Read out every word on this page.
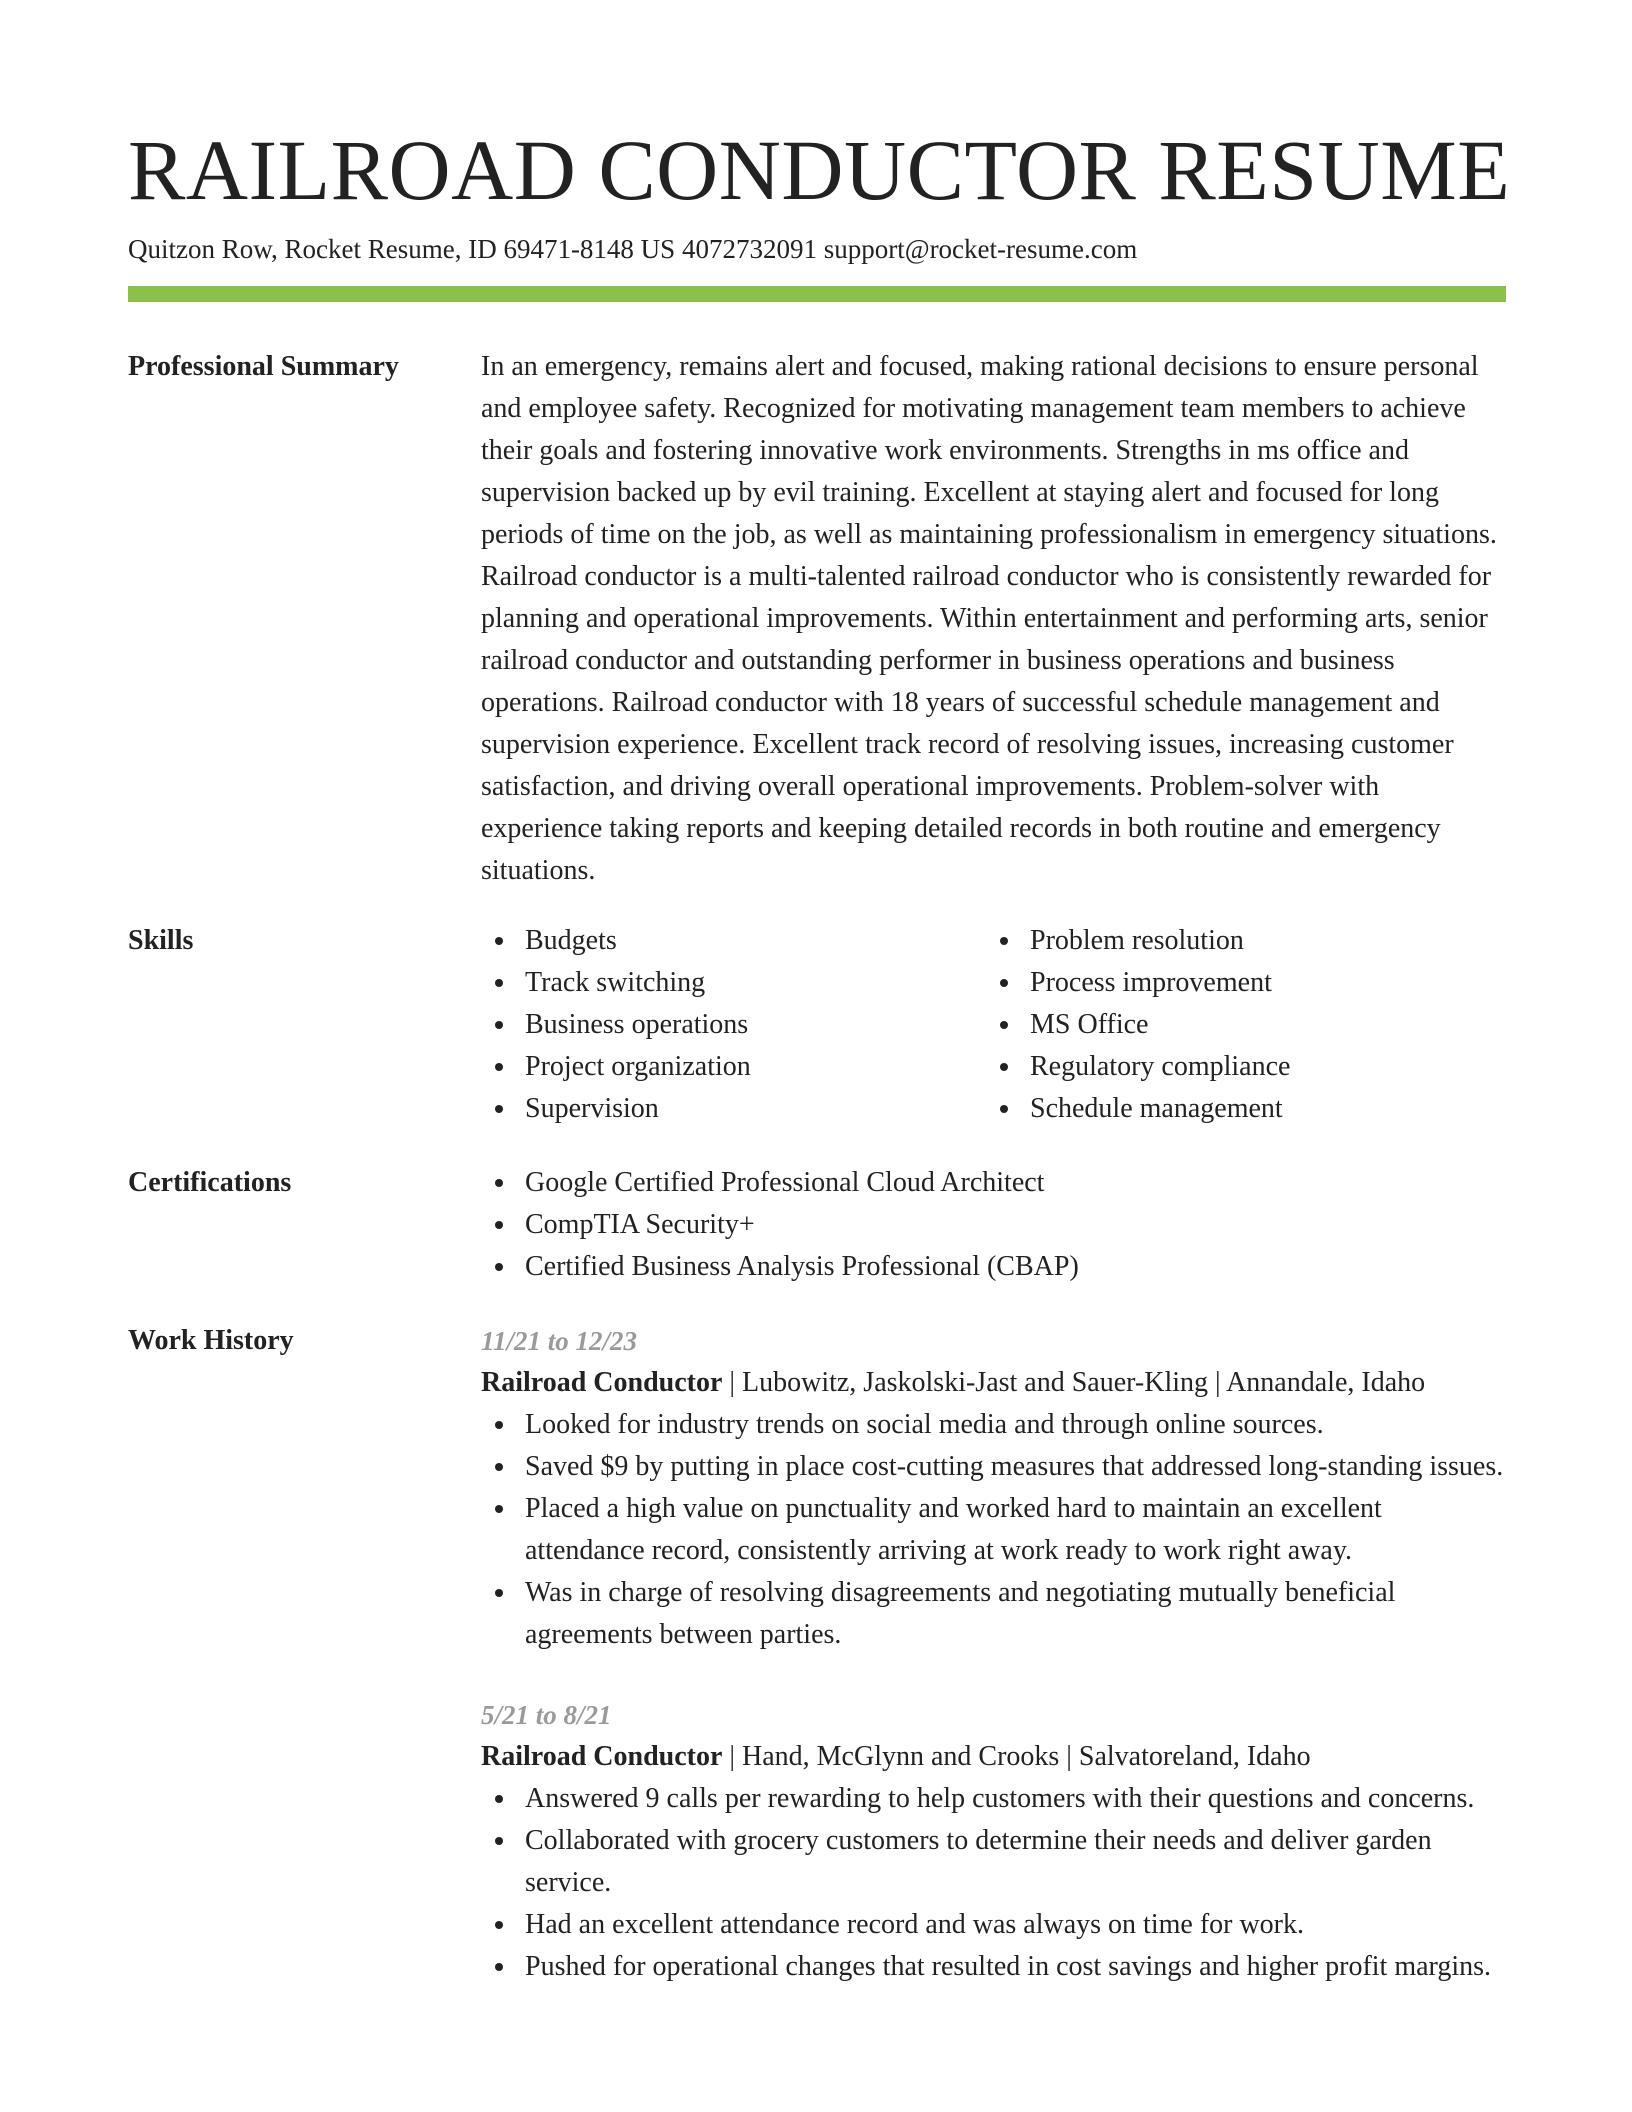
RAILROAD CONDUCTOR RESUME
Quitzon Row, Rocket Resume, ID 69471-8148 US 4072732091 support@rocket-resume.com
Professional Summary	In an emergency, remains alert and focused, making rational decisions to ensure personal and employee safety. Recognized for motivating management team members to achieve their goals and fostering innovative work environments. Strengths in ms office and supervision backed up by evil training. Excellent at staying alert and focused for long periods of time on the job, as well as maintaining professionalism in emergency situations. Railroad conductor is a multi-talented railroad conductor who is consistently rewarded for planning and operational improvements. Within entertainment and performing arts, senior railroad conductor and outstanding performer in business operations and business operations. Railroad conductor with 18 years of successful schedule management and supervision experience. Excellent track record of resolving issues, increasing customer satisfaction, and driving overall operational improvements. Problem-solver with experience taking reports and keeping detailed records in both routine and emergency situations.

Skills	Budgets
Track switching
Business operations
Project organization
Supervision
Problem resolution
Process improvement
MS Office
Regulatory compliance
Schedule management
Certifications	Google Certified Professional Cloud Architect
CompTIA Security+
Certified Business Analysis Professional (CBAP)
Work History	11/21 to 12/23
Railroad Conductor | Lubowitz, Jaskolski-Jast and Sauer-Kling | Annandale, Idaho
Looked for industry trends on social media and through online sources.
Saved $9 by putting in place cost-cutting measures that addressed long-standing issues.
Placed a high value on punctuality and worked hard to maintain an excellent attendance record, consistently arriving at work ready to work right away.
Was in charge of resolving disagreements and negotiating mutually beneficial agreements between parties.
5/21 to 8/21
Railroad Conductor | Hand, McGlynn and Crooks | Salvatoreland, Idaho
Answered 9 calls per rewarding to help customers with their questions and concerns.
Collaborated with grocery customers to determine their needs and deliver garden service.
Had an excellent attendance record and was always on time for work.
Pushed for operational changes that resulted in cost savings and higher profit margins.
